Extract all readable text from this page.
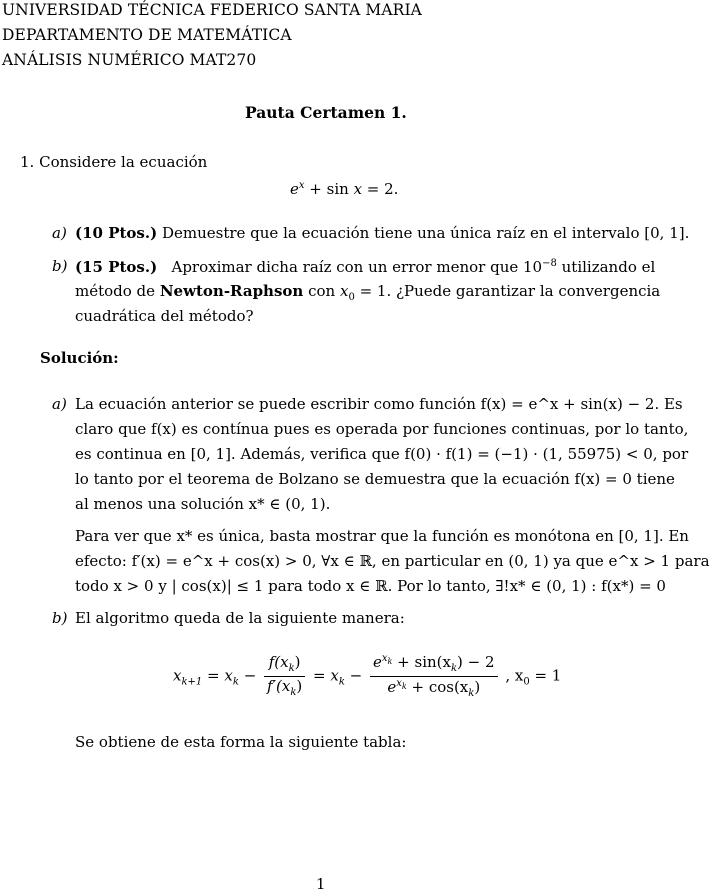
UNIVERSIDAD TÉCNICA FEDERICO SANTA MARIA
DEPARTAMENTO DE MATEMÁTICA
ANÁLISIS NUMÉRICO MAT270
Pauta Certamen 1.
1. Considere la ecuación
$e^x + \sin x = 2$.
a) (10 Ptos.) Demuestre que la ecuación tiene una única raíz en el intervalo [0, 1].
b) (15 Ptos.) Aproximar dicha raíz con un error menor que $10^{-8}$ utilizando el
método de Newton-Raphson con $x_0 = 1$. ¿Puede garantizar la convergencia
cuadrática del método?
Solución:
a) La ecuación anterior se puede escribir como función f(x) = e^x + sin(x) − 2. Es
claro que f(x) es contínua pues es operada por funciones continuas, por lo tanto,
es continua en [0, 1]. Además, verifica que f(0) · f(1) = (−1) · (1, 55975) < 0, por
lo tanto por el teorema de Bolzano se demuestra que la ecuación f(x) = 0 tiene
al menos una solución x* ∈ (0, 1).
Para ver que x* es única, basta mostrar que la función es monótona en [0, 1]. En
efecto: f′(x) = e^x + cos(x) > 0, ∀x ∈ ℝ, en particular en (0, 1) ya que e^x > 1 para
todo x > 0 y | cos(x)| ≤ 1 para todo x ∈ ℝ. Por lo tanto, ∃!x* ∈ (0, 1) : f(x*) = 0
b) El algoritmo queda de la siguiente manera:
$x_{k+1} = x_k - \frac{f(x_k)}{f'(x_k)} = x_k - \frac{e^{x_k} + \sin(x_k) - 2}{e^{x_k} + \cos(x_k)}$ , $x_0 = 1$
Se obtiene de esta forma la siguiente tabla:
1
